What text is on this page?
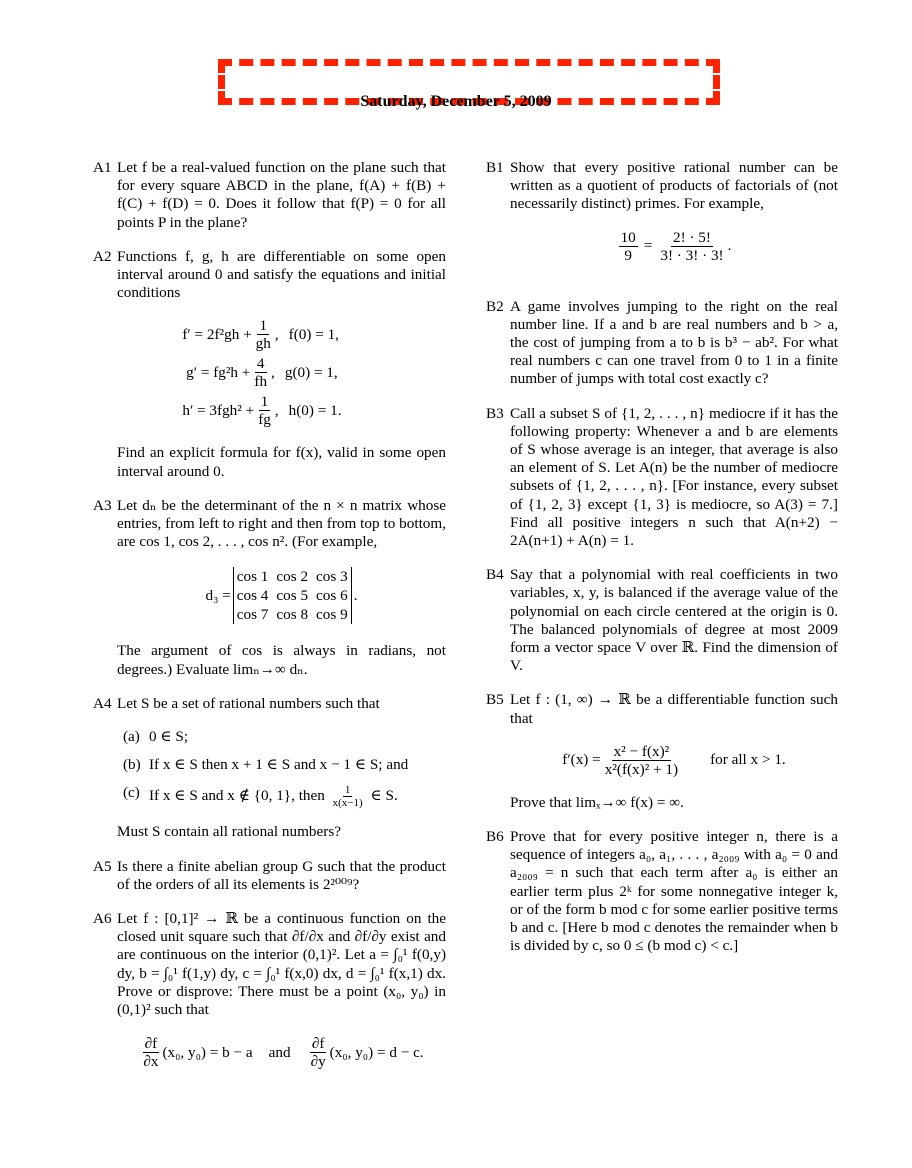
Saturday, December 5, 2009
A1 Let f be a real-valued function on the plane such that for every square ABCD in the plane, f(A) + f(B) + f(C) + f(D) = 0. Does it follow that f(P) = 0 for all points P in the plane?
A2 Functions f, g, h are differentiable on some open interval around 0 and satisfy the equations and initial conditions

$f' = 2f^2gh + \frac{1}{gh}$ , f(0) = 1,
$g' = fg^2h + \frac{4}{fh}$ , g(0) = 1,
$h' = 3fgh^2 + \frac{1}{fg}$ , h(0) = 1.

Find an explicit formula for f(x), valid in some open interval around 0.

A3 Let dₙ be the determinant of the n × n matrix whose entries, from left to right and then from top to bottom, are cos 1, cos 2, . . . , cos n². (For example,

d₃ =
cos 1 cos 2 cos 3
cos 4 cos 5 cos 6
cos 7 cos 8 cos 9
.

The argument of cos is always in radians, not degrees.) Evaluate limₙ→∞ dₙ.

A4 Let S be a set of rational numbers such that

(a) 0 ∈ S;
(b) If x ∈ S then x + 1 ∈ S and x − 1 ∈ S; and
(c) If x ∈ S and x ∉ {0, 1}, then $\frac{1}{x(x-1)}$ ∈ S.

Must S contain all rational numbers?

A5 Is there a finite abelian group G such that the product of the orders of all its elements is 2²⁰⁰⁹?
A6 Let f : [0,1]² → ℝ be a continuous function on the closed unit square such that ∂f/∂x and ∂f/∂y exist and are continuous on the interior (0,1)². Let a = ∫₀¹ f(0,y) dy, b = ∫₀¹ f(1,y) dy, c = ∫₀¹ f(x,0) dx, d = ∫₀¹ f(x,1) dx. Prove or disprove: There must be a point (x₀, y₀) in (0,1)² such that

$\frac{\partial f}{\partial x} (x_0$, y₀) = b − a and $\frac{\partial f}{\partial y} (x_0$, y₀) = d − c.
B1 Show that every positive rational number can be written as a quotient of products of factorials of (not necessarily distinct) primes. For example,

$\frac{10}{9} = \frac{2! \cdot 5!}{3! \cdot 3! \cdot 3!}$ .
B2 A game involves jumping to the right on the real number line. If a and b are real numbers and b > a, the cost of jumping from a to b is b³ − ab². For what real numbers c can one travel from 0 to 1 in a finite number of jumps with total cost exactly c?
B3 Call a subset S of {1, 2, . . . , n} mediocre if it has the following property: Whenever a and b are elements of S whose average is an integer, that average is also an element of S. Let A(n) be the number of mediocre subsets of {1, 2, . . . , n}. [For instance, every subset of {1, 2, 3} except {1, 3} is mediocre, so A(3) = 7.] Find all positive integers n such that A(n+2) − 2A(n+1) + A(n) = 1.
B4 Say that a polynomial with real coefficients in two variables, x, y, is balanced if the average value of the polynomial on each circle centered at the origin is 0. The balanced polynomials of degree at most 2009 form a vector space V over ℝ. Find the dimension of V.
B5 Let f : (1, ∞) → ℝ be a differentiable function such that

$f'(x) = \frac{\text{x² − f(x)²}}{\text{x²(f(x)² + 1)}}$ for all x > 1.

Prove that limₓ→∞ f(x) = ∞.

B6 Prove that for every positive integer n, there is a sequence of integers a₀, a₁, . . . , a₂₀₀₉ with a₀ = 0 and a₂₀₀₉ = n such that each term after a₀ is either an earlier term plus 2ᵏ for some nonnegative integer k, or of the form b mod c for some earlier positive terms b and c. [Here b mod c denotes the remainder when b is divided by c, so 0 ≤ (b mod c) < c.]
